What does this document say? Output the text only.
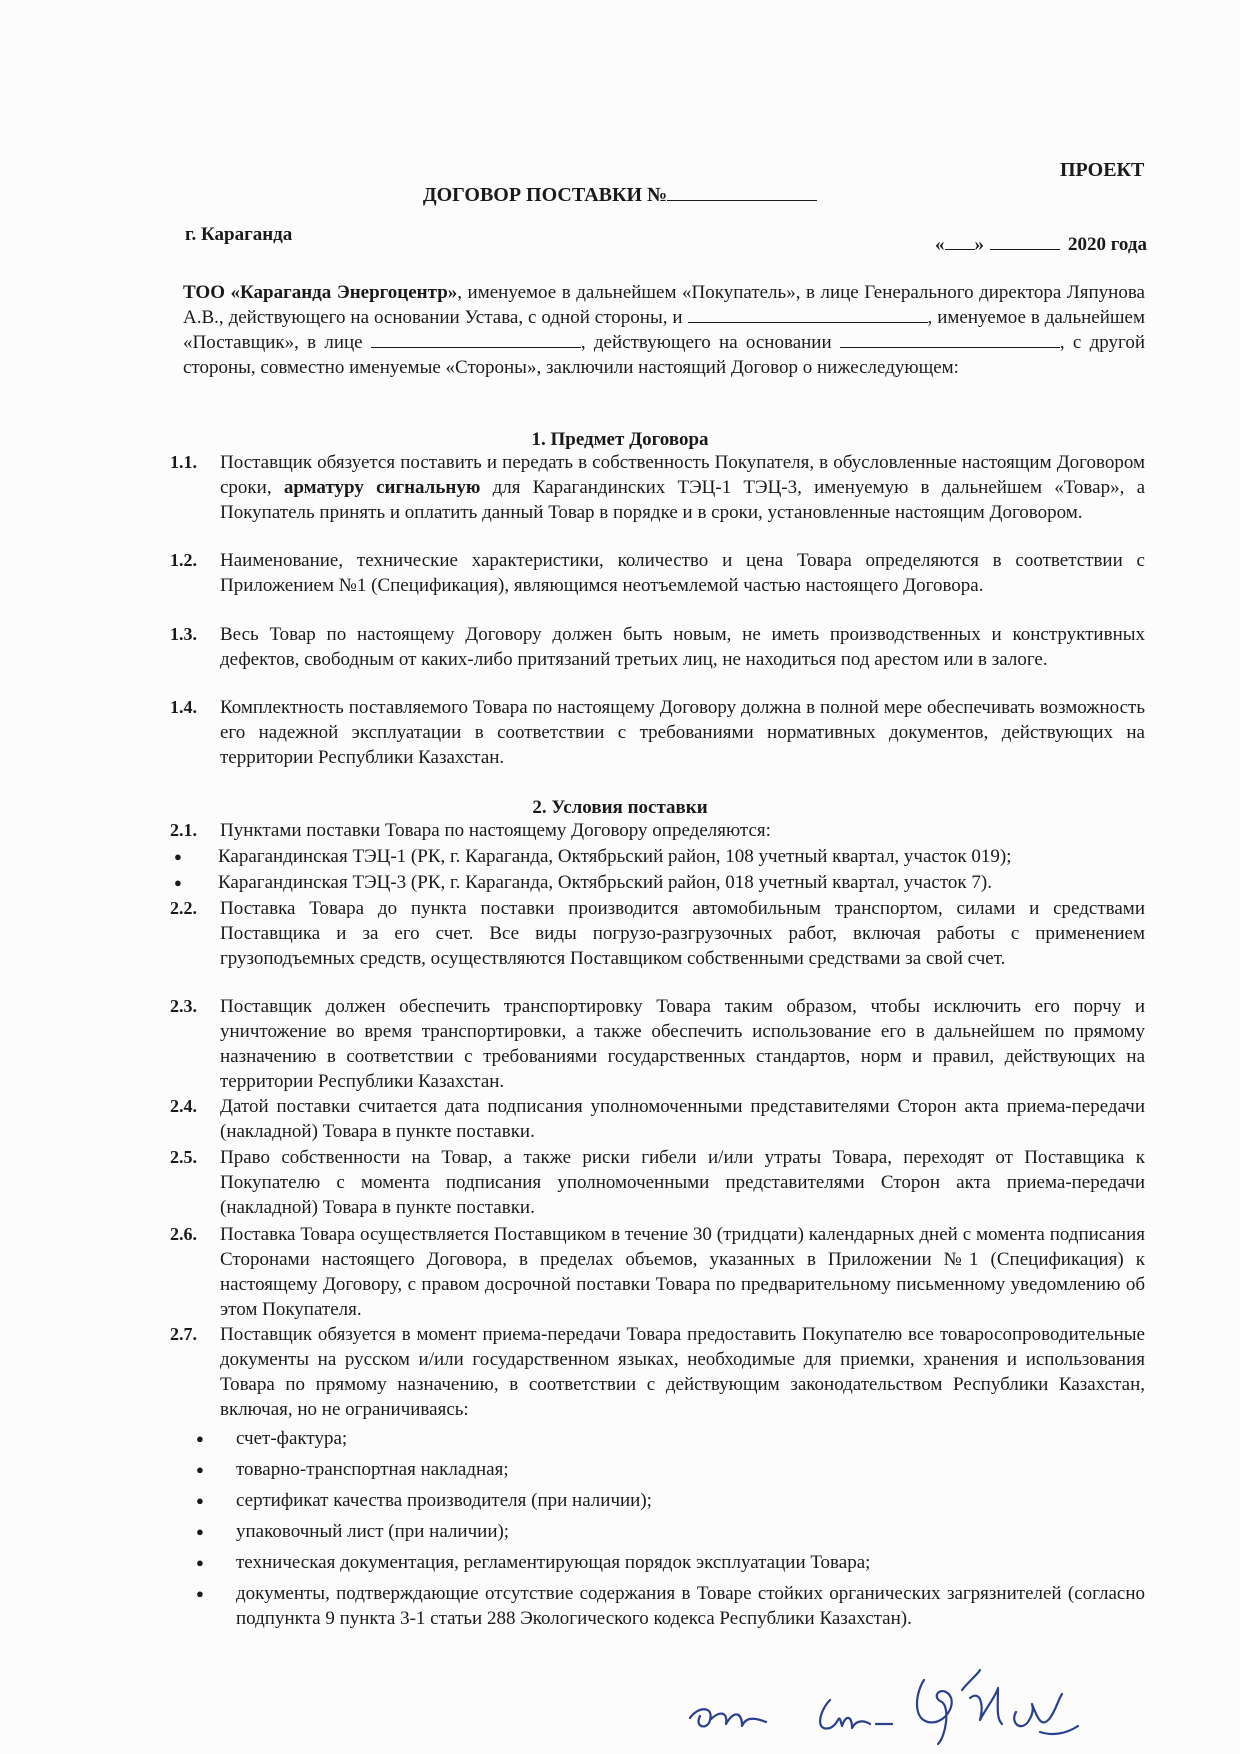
ПРОЕКТ
ДОГОВОР ПОСТАВКИ №
г. Караганда	« »	2020 года
ТОО «Караганда Энергоцентр», именуемое в дальнейшем «Покупатель», в лице Генерального директора Ляпунова А.В., действующего на основании Устава, с одной стороны, и	, именуемое в дальнейшем «Поставщик», в лице	, действующего на основании	, с другой стороны, совместно именуемые «Стороны», заключили настоящий Договор о нижеследующем:
1. Предмет Договора
1.1.	Поставщик обязуется поставить и передать в собственность Покупателя, в обусловленные настоящим Договором сроки, арматуру сигнальную для Карагандинских ТЭЦ-1 ТЭЦ-3, именуемую в дальнейшем «Товар», а Покупатель принять и оплатить данный Товар в порядке и в сроки, установленные настоящим Договором.
1.2.	Наименование, технические характеристики, количество и цена Товара определяются в соответствии с Приложением №1 (Спецификация), являющимся неотъемлемой частью настоящего Договора.
1.3.	Весь Товар по настоящему Договору должен быть новым, не иметь производственных и конструктивных дефектов, свободным от каких-либо притязаний третьих лиц, не находиться под арестом или в залоге.
1.4.	Комплектность поставляемого Товара по настоящему Договору должна в полной мере обеспечивать возможность его надежной эксплуатации в соответствии с требованиями нормативных документов, действующих на территории Республики Казахстан.
2. Условия поставки
2.1.	Пунктами поставки Товара по настоящему Договору определяются:
● Карагандинская ТЭЦ-1 (РК, г. Караганда, Октябрьский район, 108 учетный квартал, участок 019);
● Карагандинская ТЭЦ-3 (РК, г. Караганда, Октябрьский район, 018 учетный квартал, участок 7).
2.2.	Поставка Товара до пункта поставки производится автомобильным транспортом, силами и средствами Поставщика и за его счет. Все виды погрузо-разгрузочных работ, включая работы с применением грузоподъемных средств, осуществляются Поставщиком собственными средствами за свой счет.
2.3.	Поставщик должен обеспечить транспортировку Товара таким образом, чтобы исключить его порчу и уничтожение во время транспортировки, а также обеспечить использование его в дальнейшем по прямому назначению в соответствии с требованиями государственных стандартов, норм и правил, действующих на территории Республики Казахстан.
2.4.	Датой поставки считается дата подписания уполномоченными представителями Сторон акта приема-передачи (накладной) Товара в пункте поставки.
2.5.	Право собственности на Товар, а также риски гибели и/или утраты Товара, переходят от Поставщика к Покупателю с момента подписания уполномоченными представителями Сторон акта приема-передачи (накладной) Товара в пункте поставки.
2.6.	Поставка Товара осуществляется Поставщиком в течение 30 (тридцати) календарных дней с момента подписания Сторонами настоящего Договора, в пределах объемов, указанных в Приложении №1 (Спецификация) к настоящему Договору, с правом досрочной поставки Товара по предварительному письменному уведомлению об этом Покупателя.
2.7.	Поставщик обязуется в момент приема-передачи Товара предоставить Покупателю все товаросопроводительные документы на русском и/или государственном языках, необходимые для приемки, хранения и использования Товара по прямому назначению, в соответствии с действующим законодательством Республики Казахстан, включая, но не ограничиваясь:
● счет-фактура;
● товарно-транспортная накладная;
● сертификат качества производителя (при наличии);
● упаковочный лист (при наличии);
● техническая документация, регламентирующая порядок эксплуатации Товара;
● документы, подтверждающие отсутствие содержания в Товаре стойких органических загрязнителей (согласно подпункта 9 пункта 3-1 статьи 288 Экологического кодекса Республики Казахстан).
